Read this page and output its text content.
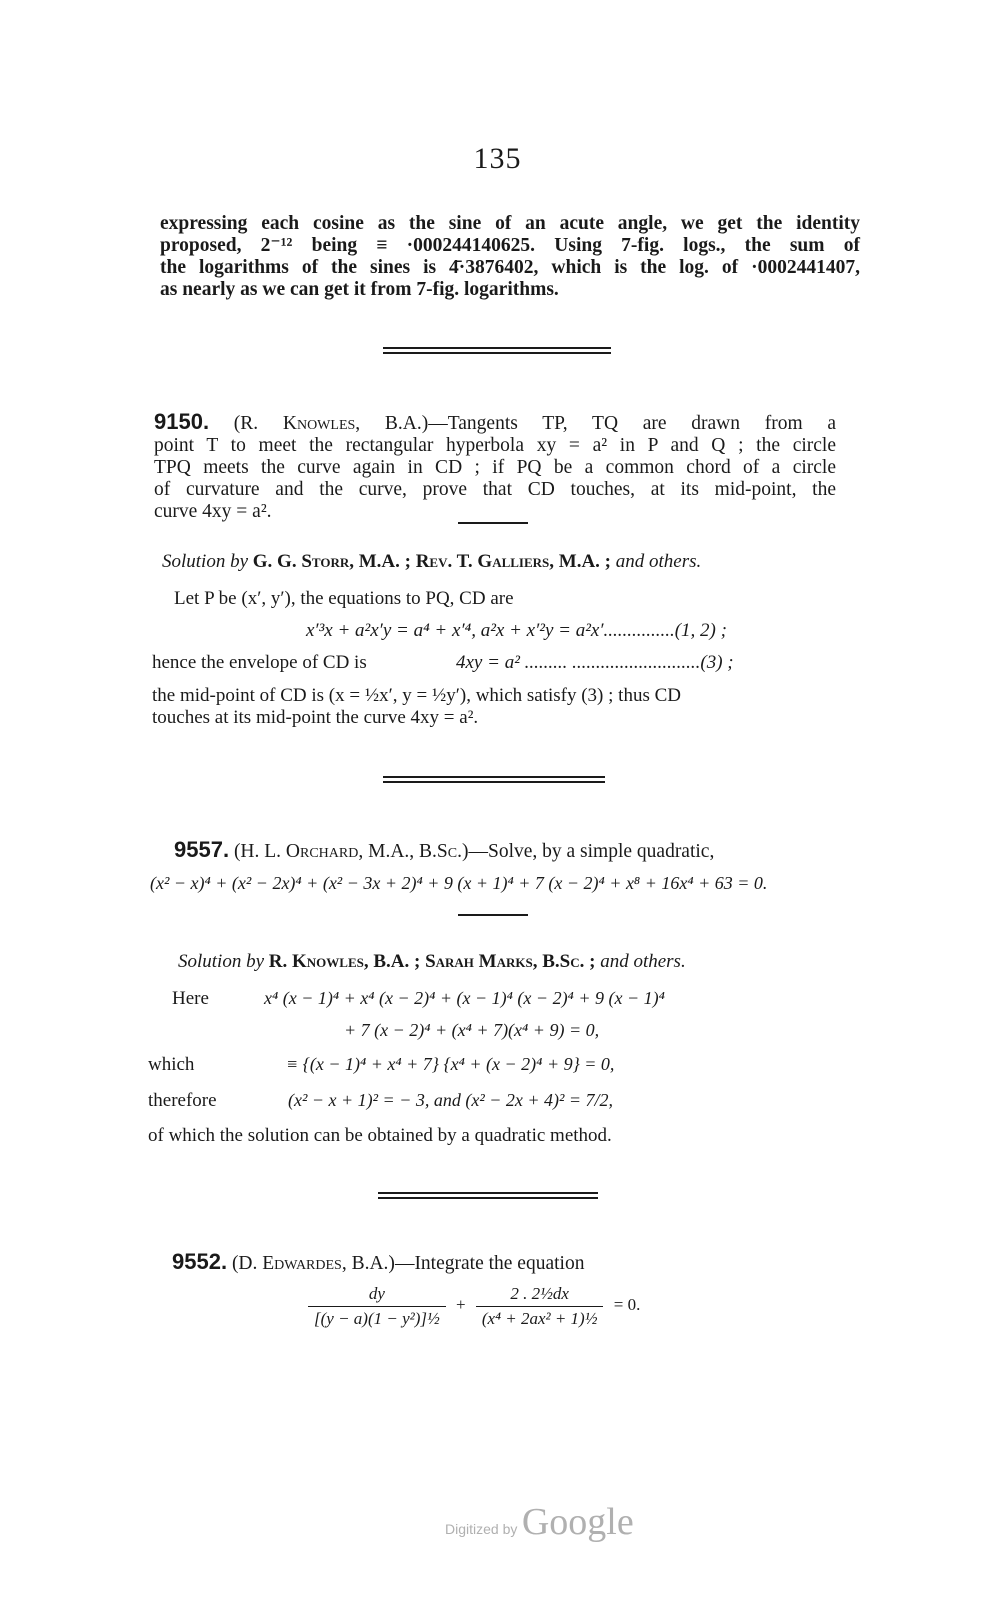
135

expressing each cosine as the sine of an acute angle, we get the identity

proposed, 2⁻¹² being ≡ ·000244140625. Using 7-fig. logs., the sum of

the logarithms of the sines is 4̄·3876402, which is the log. of ·0002441407,

as nearly as we can get it from 7-fig. logarithms.

9150. (R. Knowles, B.A.)—Tangents TP, TQ are drawn from a

point T to meet the rectangular hyperbola xy = a² in P and Q ; the circle

TPQ meets the curve again in CD ; if PQ be a common chord of a circle

of curvature and the curve, prove that CD touches, at its mid-point, the

curve 4xy = a².

Solution by G. G. Storr, M.A. ; Rev. T. Galliers, M.A. ; and others.
Let P be (x′, y′), the equations to PQ, CD are
x′³x + a²x′y = a⁴ + x′⁴, a²x + x′²y = a²x′...............(1, 2) ;
hence the envelope of CD is	4xy = a² ......... ...........................(3) ;
the mid-point of CD is (x = ½x′, y = ½y′), which satisfy (3) ; thus CD
touches at its mid-point the curve 4xy = a².
9557. (H. L. Orchard, M.A., B.Sc.)—Solve, by a simple quadratic,
(x² − x)⁴ + (x² − 2x)⁴ + (x² − 3x + 2)⁴ + 9 (x + 1)⁴ + 7 (x − 2)⁴ + x⁸ + 16x⁴ + 63 = 0.
Solution by R. Knowles, B.A. ; Sarah Marks, B.Sc. ; and others.
Here	x⁴ (x − 1)⁴ + x⁴ (x − 2)⁴ + (x − 1)⁴ (x − 2)⁴ + 9 (x − 1)⁴
+ 7 (x − 2)⁴ + (x⁴ + 7)(x⁴ + 9) = 0,
which	≡ {(x − 1)⁴ + x⁴ + 7} {x⁴ + (x − 2)⁴ + 9} = 0,
therefore	(x² − x + 1)² = − 3, and (x² − 2x + 4)² = 7/2,
of which the solution can be obtained by a quadratic method.
9552. (D. Edwardes, B.A.)—Integrate the equation
$\frac{dy}{\text{[(y − a)(1 − y²)]½}} + \frac{\text{2 . 2½dx}}{\text{(x⁴ + 2ax² + 1)½}} = 0$.
Digitized by Google
